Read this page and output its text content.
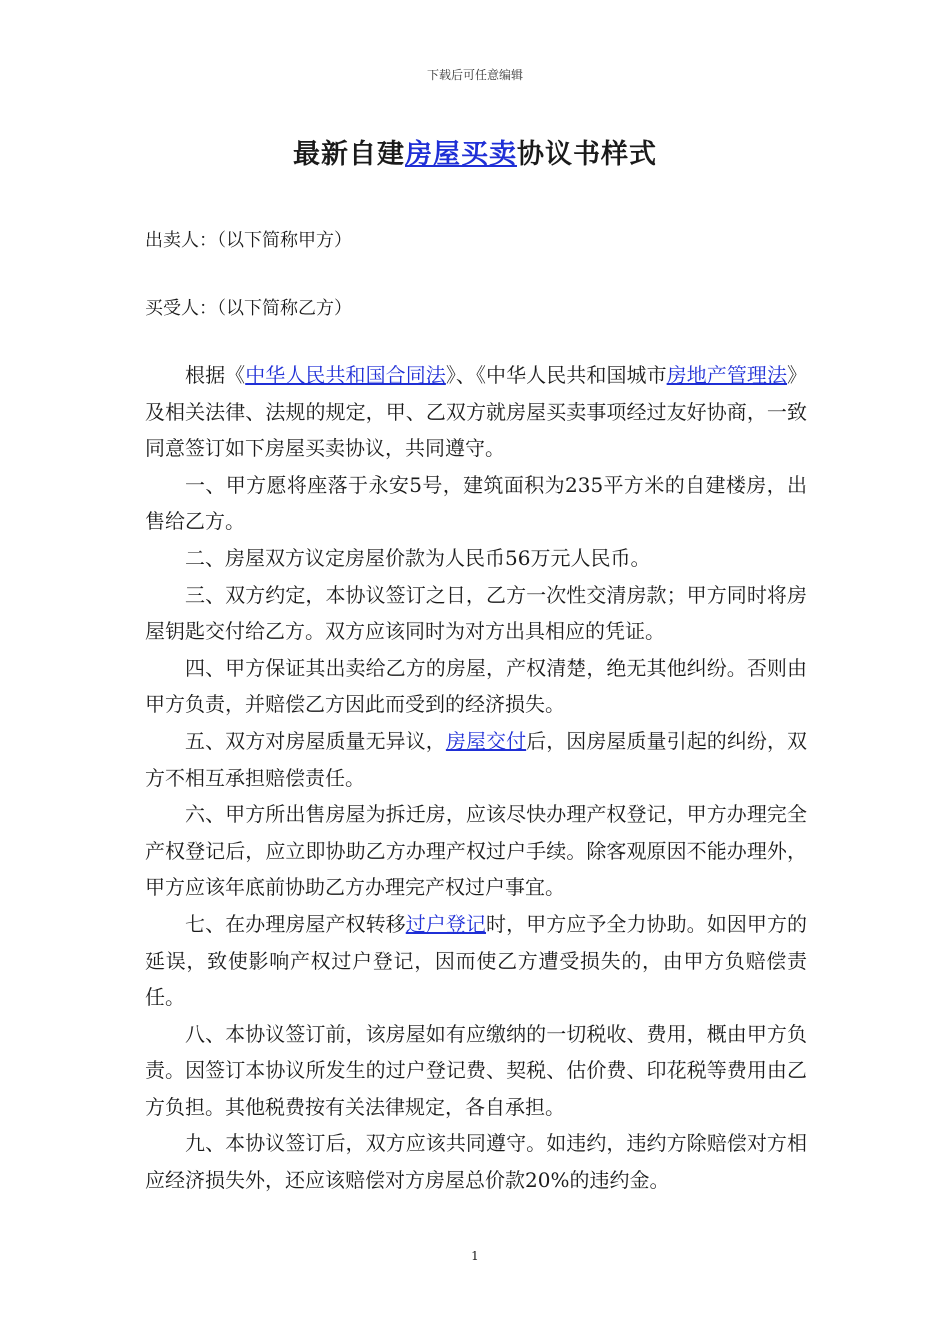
下载后可任意编辑
最新自建房屋买卖协议书样式
出卖人：（以下简称甲方）
买受人：（以下简称乙方）

根据《中华人民共和国合同法》、《中华人民共和国城市房地产管理法》及相关法律、法规的规定，甲、乙双方就房屋买卖事项经过友好协商，一致同意签订如下房屋买卖协议，共同遵守。

一、甲方愿将座落于永安5号，建筑面积为235平方米的自建楼房，出售给乙方。

二、房屋双方议定房屋价款为人民币56万元人民币。

三、双方约定，本协议签订之日，乙方一次性交清房款；甲方同时将房屋钥匙交付给乙方。双方应该同时为对方出具相应的凭证。

四、甲方保证其出卖给乙方的房屋，产权清楚，绝无其他纠纷。否则由甲方负责，并赔偿乙方因此而受到的经济损失。

五、双方对房屋质量无异议，房屋交付后，因房屋质量引起的纠纷，双方不相互承担赔偿责任。

六、甲方所出售房屋为拆迁房，应该尽快办理产权登记，甲方办理完全产权登记后，应立即协助乙方办理产权过户手续。除客观原因不能办理外，甲方应该年底前协助乙方办理完产权过户事宜。

七、在办理房屋产权转移过户登记时，甲方应予全力协助。如因甲方的延误，致使影响产权过户登记，因而使乙方遭受损失的，由甲方负赔偿责任。

八、本协议签订前，该房屋如有应缴纳的一切税收、费用，概由甲方负责。因签订本协议所发生的过户登记费、契税、估价费、印花税等费用由乙方负担。其他税费按有关法律规定，各自承担。

九、本协议签订后，双方应该共同遵守。如违约，违约方除赔偿对方相应经济损失外，还应该赔偿对方房屋总价款20%的违约金。

1
